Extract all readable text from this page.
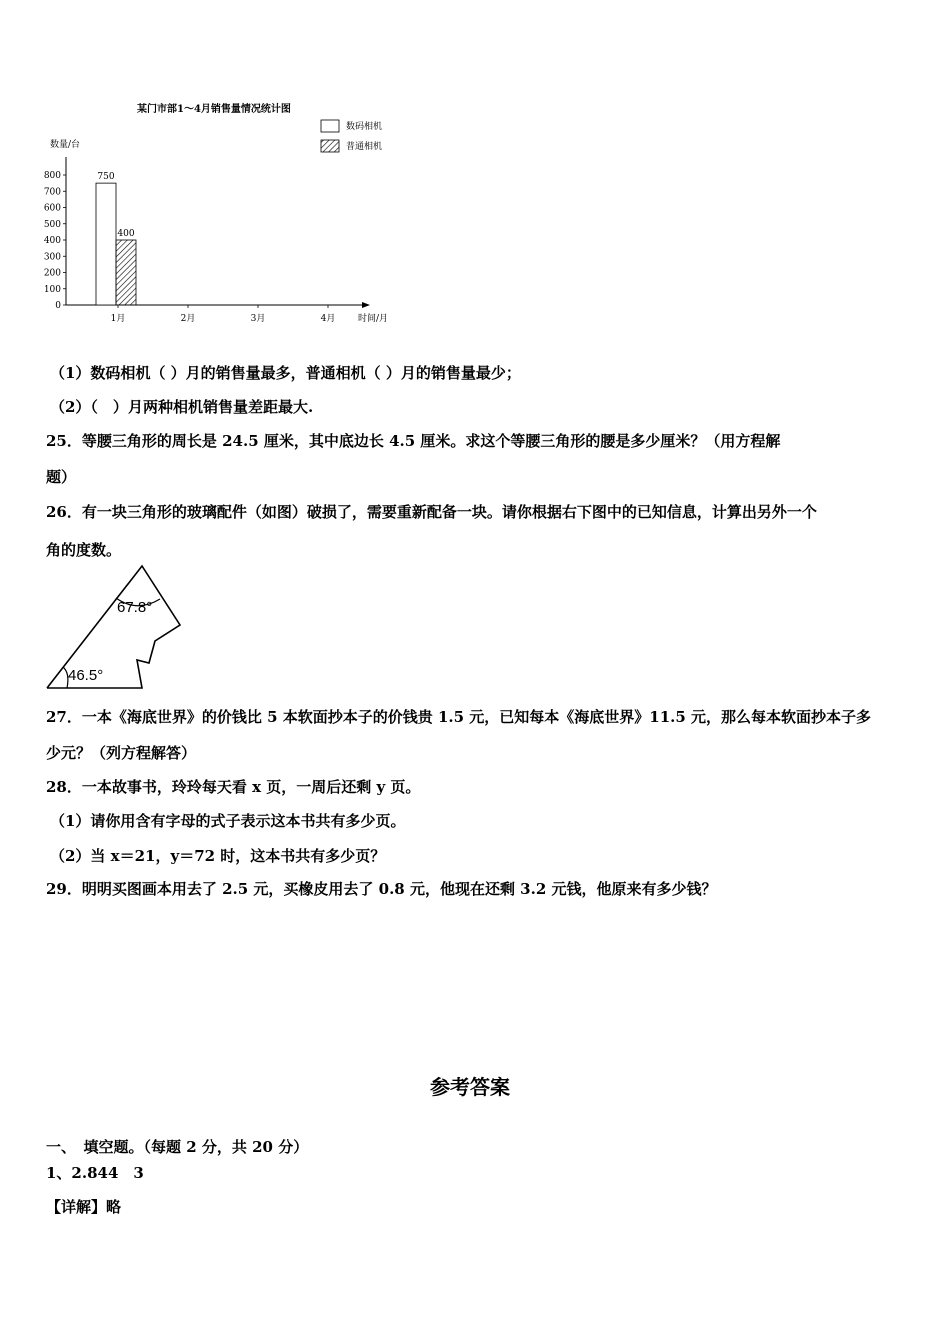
某门市部1～4月销售量情况统计图
数量/台
数码相机
普通相机
0
100
200
300
400
500
600
700
800
1月	2月	3月	4月
750
400
时间/月
（1）数码相机（ ）月的销售量最多，普通相机（ ）月的销售量最少；
（2）（　）月两种相机销售量差距最大.
25．等腰三角形的周长是 24.5 厘米，其中底边长 4.5 厘米。求这个等腰三角形的腰是多少厘米？（用方程解
题）
26．有一块三角形的玻璃配件（如图）破损了，需要重新配备一块。请你根据右下图中的已知信息，计算出另外一个
角的度数。
67.8°
46.5°
27．一本《海底世界》的价钱比 5 本软面抄本子的价钱贵 1.5 元，已知每本《海底世界》11.5 元，那么每本软面抄本子多
少元？（列方程解答）
28．一本故事书，玲玲每天看 x 页，一周后还剩 y 页。
（1）请你用含有字母的式子表示这本书共有多少页。
（2）当 x＝21，y＝72 时，这本书共有多少页？
29．明明买图画本用去了 2.5 元，买橡皮用去了 0.8 元，他现在还剩 3.2 元钱，他原来有多少钱？
参考答案
一、　填空题。（每题 2 分，共 20 分）
1、2.844　3
【详解】略
